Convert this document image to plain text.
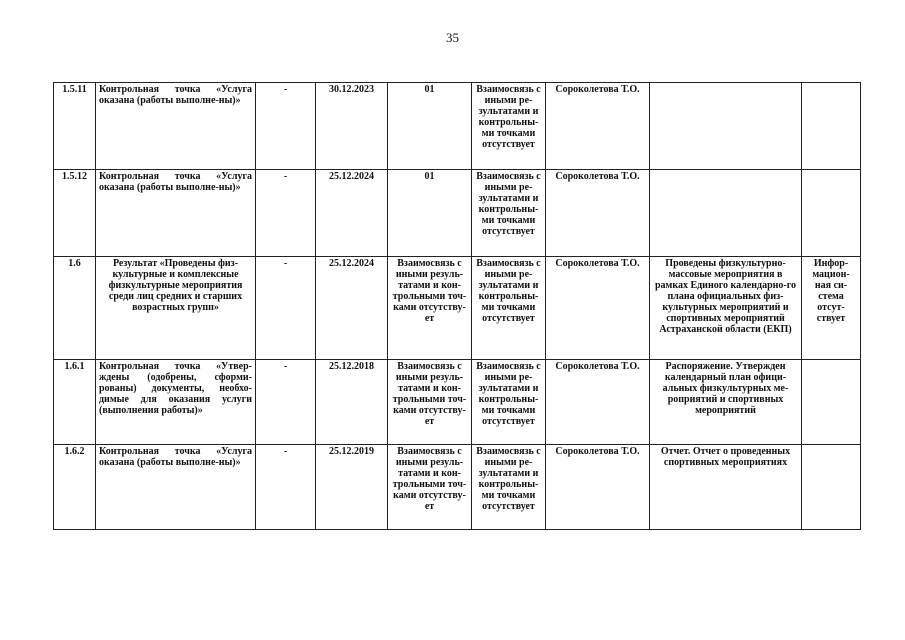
35
1.5.11	Контрольная точка «Услуга оказана (работы выполне-ны)»	-	30.12.2023	01	Взаимосвязь с иными ре-зультатами и контрольны-ми точками отсутствует	Сороколетова Т.О.		
1.5.12	Контрольная точка «Услуга оказана (работы выполне-ны)»	-	25.12.2024	01	Взаимосвязь с иными ре-зультатами и контрольны-ми точками отсутствует	Сороколетова Т.О.		
1.6	Результат «Проведены физ-культурные и комплексные физкультурные мероприятия среди лиц средних и старших возрастных групп»	-	25.12.2024	Взаимосвязь с иными резуль-татами и кон-трольными точ-ками отсутству-ет	Взаимосвязь с иными ре-зультатами и контрольны-ми точками отсутствует	Сороколетова Т.О.	Проведены физкультурно-массовые мероприятия в рамках Единого календарно-го плана официальных физ-культурных мероприятий и спортивных мероприятий Астраханской области (ЕКП)	Инфор-мацион-ная си-стема отсут-ствует
1.6.1	Контрольная точка «Утвер-ждены (одобрены, сформи-рованы) документы, необхо-димые для оказания услуги (выполнения работы)»	-	25.12.2018	Взаимосвязь с иными резуль-татами и кон-трольными точ-ками отсутству-ет	Взаимосвязь с иными ре-зультатами и контрольны-ми точками отсутствует	Сороколетова Т.О.	Распоряжение. Утвержден календарный план офици-альных физкультурных ме-роприятий и спортивных мероприятий	
1.6.2	Контрольная точка «Услуга оказана (работы выполне-ны)»	-	25.12.2019	Взаимосвязь с иными резуль-татами и кон-трольными точ-ками отсутству-ет	Взаимосвязь с иными ре-зультатами и контрольны-ми точками отсутствует	Сороколетова Т.О.	Отчет. Отчет о проведенных спортивных мероприятиях	
